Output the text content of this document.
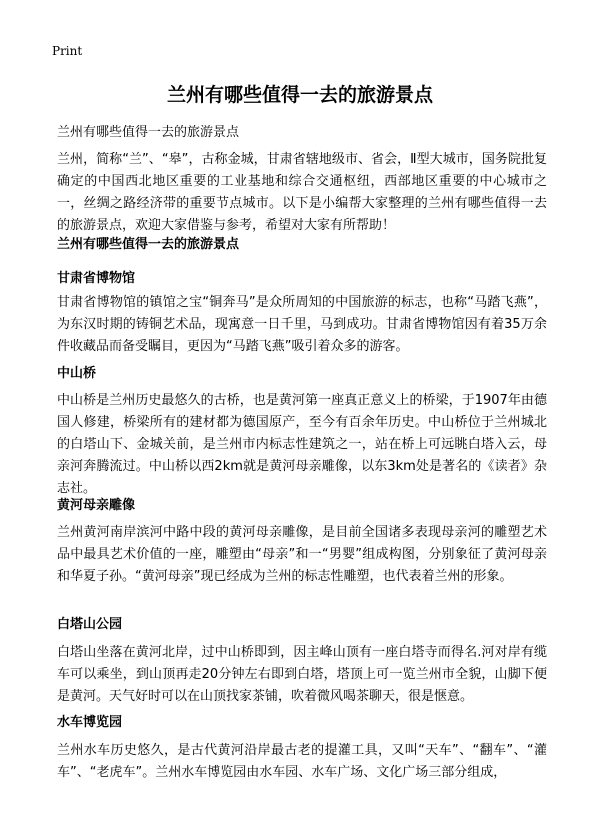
Print
兰州有哪些值得一去的旅游景点
兰州有哪些值得一去的旅游景点
兰州，简称“兰”、“皋”，古称金城，甘肃省辖地级市、省会，Ⅱ型大城市，国务院批复确定的中国西北地区重要的工业基地和综合交通枢纽，西部地区重要的中心城市之一，丝绸之路经济带的重要节点城市。以下是小编帮大家整理的兰州有哪些值得一去的旅游景点，欢迎大家借鉴与参考，希望对大家有所帮助！
兰州有哪些值得一去的旅游景点
甘肃省博物馆
甘肃省博物馆的镇馆之宝“铜奔马”是众所周知的中国旅游的标志，也称“马踏飞燕”，为东汉时期的铸铜艺术品，现寓意一日千里，马到成功。甘肃省博物馆因有着35万余件收藏品而备受瞩目，更因为“马踏飞燕”吸引着众多的游客。
中山桥
中山桥是兰州历史最悠久的古桥，也是黄河第一座真正意义上的桥梁，于1907年由德国人修建，桥梁所有的建材都为德国原产，至今有百余年历史。中山桥位于兰州城北的白塔山下、金城关前，是兰州市内标志性建筑之一，站在桥上可远眺白塔入云，母亲河奔腾流过。中山桥以西2km就是黄河母亲雕像，以东3km处是著名的《读者》杂志社。
黄河母亲雕像
兰州黄河南岸滨河中路中段的黄河母亲雕像，是目前全国诸多表现母亲河的雕塑艺术品中最具艺术价值的一座，雕塑由“母亲”和一“男婴”组成构图，分别象征了黄河母亲和华夏子孙。“黄河母亲”现已经成为兰州的标志性雕塑，也代表着兰州的形象。
白塔山公园
白塔山坐落在黄河北岸，过中山桥即到，因主峰山顶有一座白塔寺而得名.河对岸有缆车可以乘坐，到山顶再走20分钟左右即到白塔，塔顶上可一览兰州市全貌，山脚下便是黄河。天气好时可以在山顶找家茶铺，吹着微风喝茶聊天，很是惬意。
水车博览园
兰州水车历史悠久，是古代黄河沿岸最古老的提灌工具，又叫“天车”、“翻车”、“灌车”、“老虎车”。兰州水车博览园由水车园、水车广场、文化广场三部分组成，
